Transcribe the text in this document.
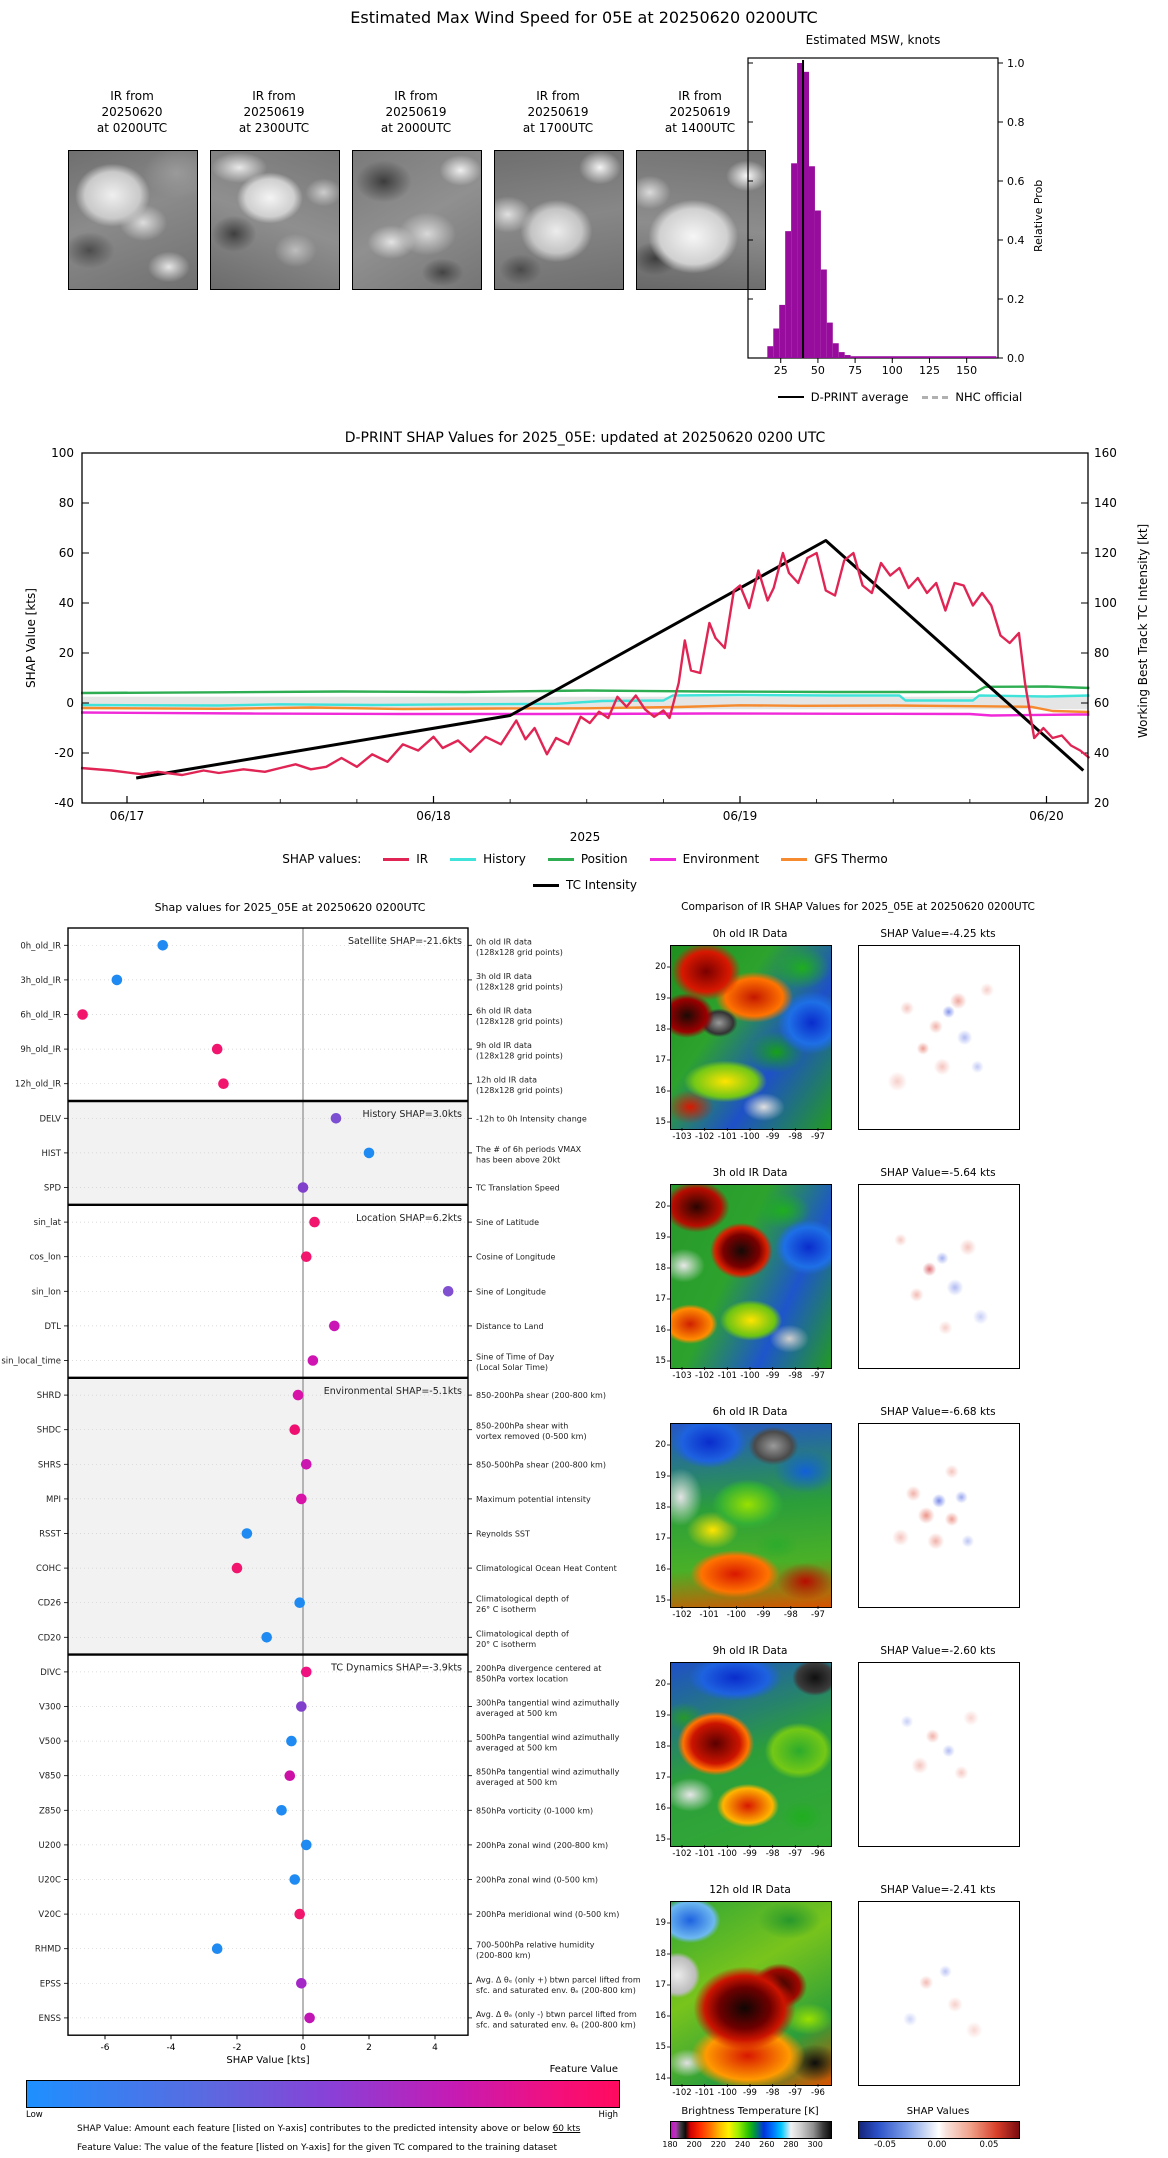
Estimated Max Wind Speed for 05E at 20250620 0200UTC
IR from
20250620
at 0200UTC
IR from
20250619
at 2300UTC
IR from
20250619
at 2000UTC
IR from
20250619
at 1700UTC
IR from
20250619
at 1400UTC
Estimated MSW, knots
Relative Prob
D-PRINT average	NHC official
D-PRINT SHAP Values for 2025_05E: updated at 20250620 0200 UTC
SHAP Value [kts]	Working Best Track TC Intensity [kt]
2025
SHAP values:	IR	History	Position	Environment	GFS Thermo
TC Intensity
Shap values for 2025_05E at 20250620 0200UTC
SHAP Value [kts]
Comparison of IR SHAP Values for 2025_05E at 20250620 0200UTC
0h old IR Data	SHAP Value=-4.25 kts
20
19
18
17
16
15
-103 -102 -101 -100 -99	-98	-97
3h old IR Data	SHAP Value=-5.64 kts
20
19
18
17
16
15
-103 -102 -101 -100 -99	-98	-97
6h old IR Data	SHAP Value=-6.68 kts
20
19
18
17
16
15
-102 -101 -100	-99	-98	-97
9h old IR Data	SHAP Value=-2.60 kts
20
19
18
17
16
15
-102 -101 -100 -99	-98	-97	-96
12h old IR Data	SHAP Value=-2.41 kts
19
18
17
16
15
14
-102 -101 -100 -99	-98	-97	-96
Brightness Temperature [K]
180	200	220	240	260	280	300
SHAP Values
-0.05	0.00	0.05
Feature Value
Low	High
SHAP Value: Amount each feature [listed on Y-axis] contributes to the predicted intensity above or below 60 kts
Feature Value: The value of the feature [listed on Y-axis] for the given TC compared to the training dataset
25 50 75 100 125 150
0.0
0.2
0.4
0.6
0.8
1.0
-40
-20
0
20
40
60
80
100
20
40
60
80
100
120
140
160
06/17	06/18	06/19	06/20
0h_old_IR	0h old IR data (128x128 grid points)
3h_old_IR	3h old IR data (128x128 grid points)
6h_old_IR	6h old IR data (128x128 grid points)
9h_old_IR	9h old IR data (128x128 grid points)
12h_old_IR	12h old IR data (128x128 grid points)
DELV	-12h to 0h Intensity change
HIST	The # of 6h periods VMAX has been above 20kt
SPD	TC Translation Speed
sin_lat	Sine of Latitude
cos_lon	Cosine of Longitude
sin_lon	Sine of Longitude
DTL	Distance to Land
sin_local_time	Sine of Time of Day (Local Solar Time)
SHRD	850-200hPa shear (200-800 km)
SHDC	850-200hPa shear with vortex removed (0-500 km)
SHRS	850-500hPa shear (200-800 km)
MPI	Maximum potential intensity
RSST	Reynolds SST
COHC	Climatological Ocean Heat Content
CD26	Climatological depth of 26° C isotherm
CD20	Climatological depth of 20° C isotherm
DIVC	200hPa divergence centered at 850hPa vortex location
V300	300hPa tangential wind azimuthally averaged at 500 km
V500	500hPa tangential wind azimuthally averaged at 500 km
V850	850hPa tangential wind azimuthally averaged at 500 km
Z850	850hPa vorticity (0-1000 km)
U200	200hPa zonal wind (200-800 km)
U20C	200hPa zonal wind (0-500 km)
V20C	200hPa meridional wind (0-500 km)
RHMD	700-500hPa relative humidity (200-800 km)
EPSS	Avg. Δ θₑ (only +) btwn parcel lifted from sfc. and saturated env. θₑ (200-800 km)
ENSS	Avg. Δ θₑ (only -) btwn parcel lifted from sfc. and saturated env. θₑ (200-800 km)
Satellite SHAP=-21.6kts
History SHAP=3.0kts
Location SHAP=6.2kts
Environmental SHAP=-5.1kts
TC Dynamics SHAP=-3.9kts
-6	-4	-2	0	2	4
